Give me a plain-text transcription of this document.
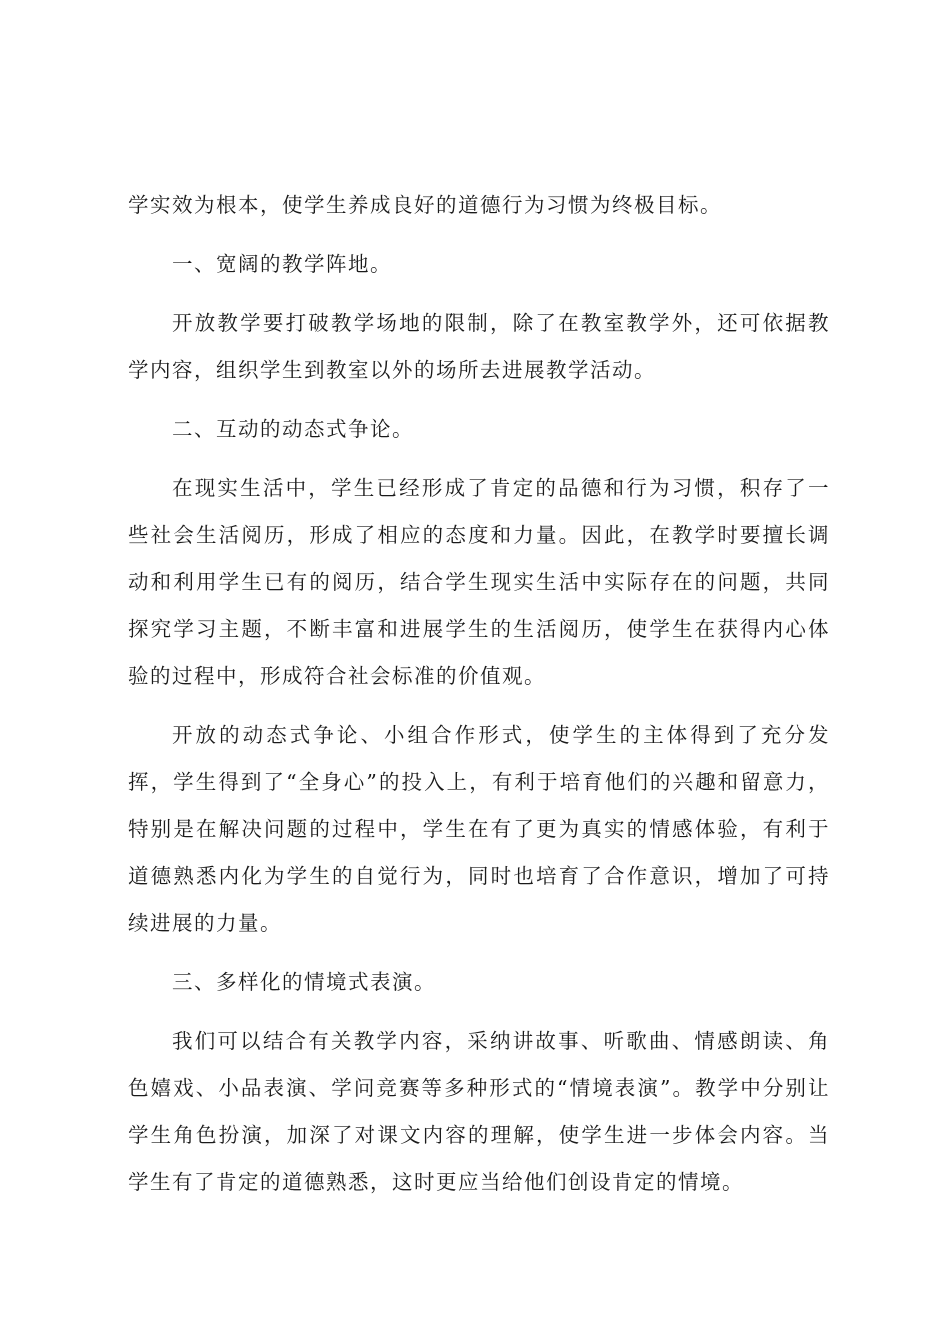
学实效为根本，使学生养成良好的道德行为习惯为终极目标。

一、宽阔的教学阵地。

开放教学要打破教学场地的限制，除了在教室教学外，还可依据教学内容，组织学生到教室以外的场所去进展教学活动。

二、互动的动态式争论。

在现实生活中，学生已经形成了肯定的品德和行为习惯，积存了一些社会生活阅历，形成了相应的态度和力量。因此，在教学时要擅长调动和利用学生已有的阅历，结合学生现实生活中实际存在的问题，共同探究学习主题，不断丰富和进展学生的生活阅历，使学生在获得内心体验的过程中，形成符合社会标准的价值观。

开放的动态式争论、小组合作形式，使学生的主体得到了充分发挥，学生得到了“全身心”的投入上，有利于培育他们的兴趣和留意力，特别是在解决问题的过程中，学生在有了更为真实的情感体验，有利于道德熟悉内化为学生的自觉行为，同时也培育了合作意识，增加了可持续进展的力量。

三、多样化的情境式表演。

我们可以结合有关教学内容，采纳讲故事、听歌曲、情感朗读、角色嬉戏、小品表演、学问竞赛等多种形式的“情境表演”。教学中分别让学生角色扮演，加深了对课文内容的理解，使学生进一步体会内容。当学生有了肯定的道德熟悉，这时更应当给他们创设肯定的情境。
